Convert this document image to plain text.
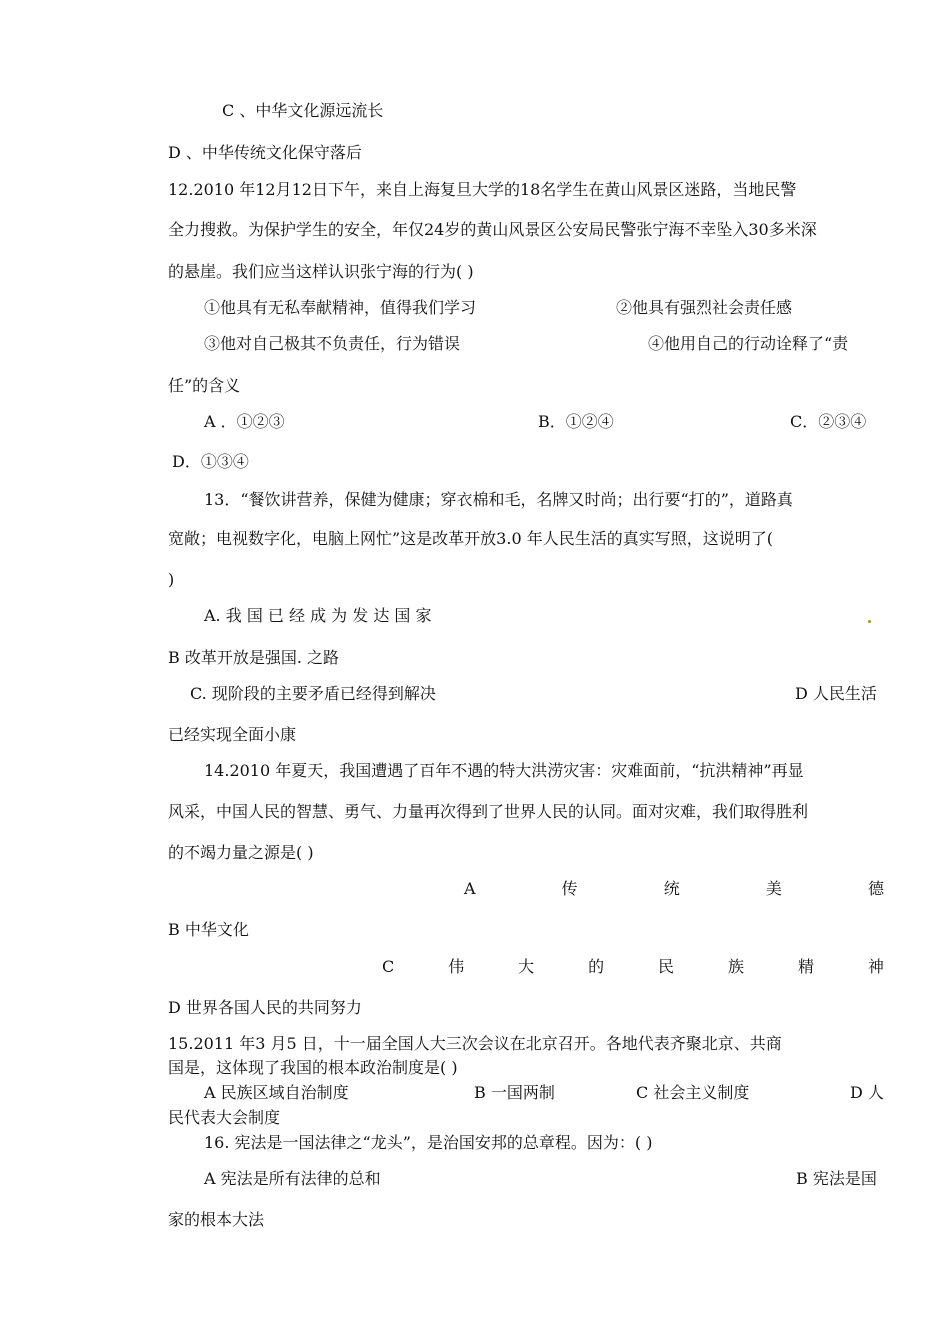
C 、中华文化源远流长
D 、中华传统文化保守落后
12.2010 年12月12日下午，来自上海复旦大学的18名学生在黄山风景区迷路，当地民警
全力搜救。为保护学生的安全，年仅24岁的黄山风景区公安局民警张宁海不幸坠入30多米深
的悬崖。我们应当这样认识张宁海的行为( )
①他具有无私奉献精神，值得我们学习	②他具有强烈社会责任感
③他对自己极其不负责任，行为错误	④他用自己的行动诠释了“责
任”的含义
A ．①②③	B．①②④	C．②③④
D．①③④
13．“餐饮讲营养，保健为健康；穿衣棉和毛，名牌又时尚；出行要“打的”，道路真
宽敞；电视数字化，电脑上网忙”这是改革开放3.0 年人民生活的真实写照，这说明了(
)
A. 我 国 已 经 成 为 发 达 国 家
B 改革开放是强国. 之路
C. 现阶段的主要矛盾已经得到解决	D 人民生活
已经实现全面小康
14.2010 年夏天，我国遭遇了百年不遇的特大洪涝灾害：灾难面前，“抗洪精神”再显
风采，中国人民的智慧、勇气、力量再次得到了世界人民的认同。面对灾难，我们取得胜利
的不竭力量之源是( )
A	传	统	美	德
B 中华文化
C	伟	大	的	民	族	精	神
D 世界各国人民的共同努力
15.2011 年3 月5 日，十一届全国人大三次会议在北京召开。各地代表齐聚北京、共商
国是，这体现了我国的根本政治制度是( )
A 民族区域自治制度	B 一国两制	C 社会主义制度	D 人
民代表大会制度
16. 宪法是一国法律之“龙头”，是治国安邦的总章程。因为：( )
A 宪法是所有法律的总和	B 宪法是国
家的根本大法
